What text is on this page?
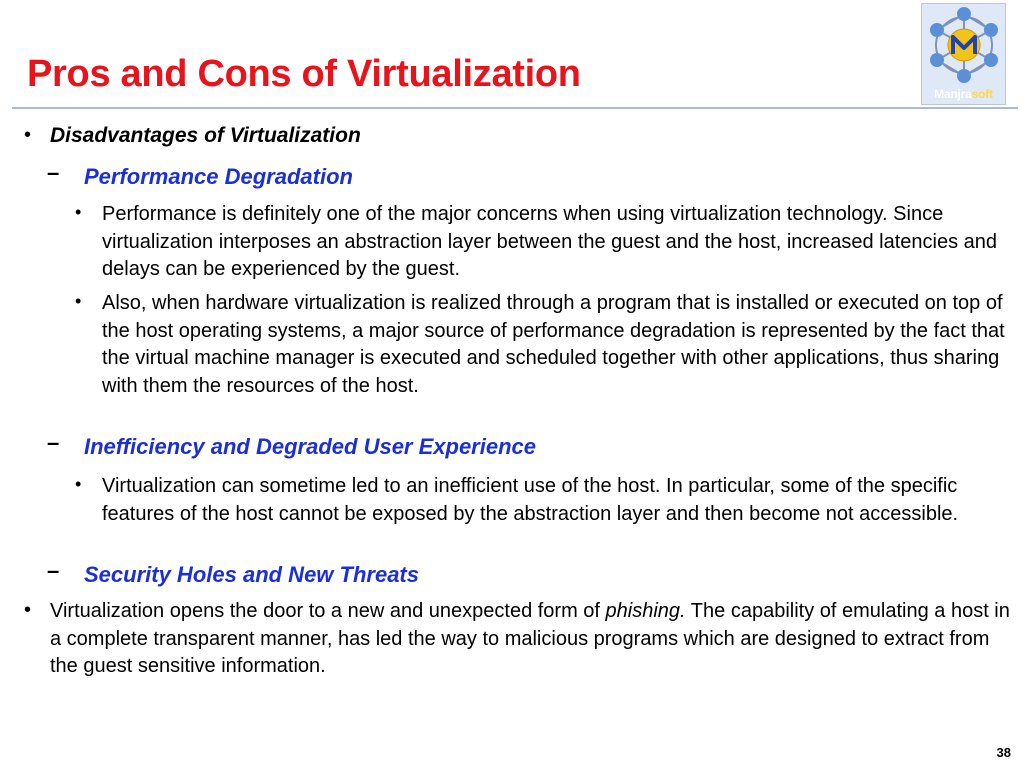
Pros and Cons of Virtualization	Manjrasoft
• Disadvantages of Virtualization
– Performance Degradation
• Performance is definitely one of the major concerns when using virtualization technology. Since virtualization interposes an abstraction layer between the guest and the host, increased latencies and delays can be experienced by the guest.
• Also, when hardware virtualization is realized through a program that is installed or executed on top of the host operating systems, a major source of performance degradation is represented by the fact that the virtual machine manager is executed and scheduled together with other applications, thus sharing with them the resources of the host.
– Inefficiency and Degraded User Experience
• Virtualization can sometime led to an inefficient use of the host. In particular, some of the specific features of the host cannot be exposed by the abstraction layer and then become not accessible.
– Security Holes and New Threats
• Virtualization opens the door to a new and unexpected form of phishing. The capability of emulating a host in a complete transparent manner, has led the way to malicious programs which are designed to extract from the guest sensitive information.
38
